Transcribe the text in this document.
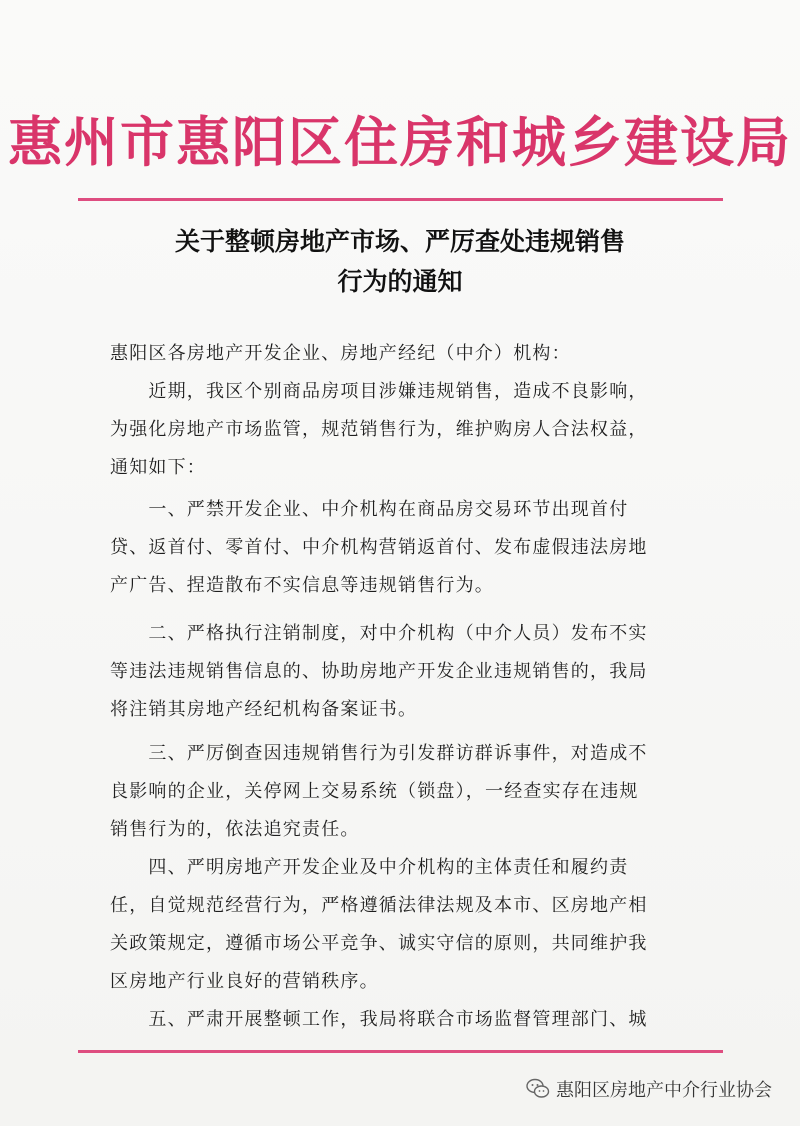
惠州市惠阳区住房和城乡建设局
关于整顿房地产市场、严厉查处违规销售
行为的通知
惠阳区各房地产开发企业、房地产经纪（中介）机构：
　　近期，我区个别商品房项目涉嫌违规销售，造成不良影响，
为强化房地产市场监管，规范销售行为，维护购房人合法权益，
通知如下：
　　一、严禁开发企业、中介机构在商品房交易环节出现首付
贷、返首付、零首付、中介机构营销返首付、发布虚假违法房地
产广告、捏造散布不实信息等违规销售行为。
　　二、严格执行注销制度，对中介机构（中介人员）发布不实
等违法违规销售信息的、协助房地产开发企业违规销售的，我局
将注销其房地产经纪机构备案证书。
　　三、严厉倒查因违规销售行为引发群访群诉事件，对造成不
良影响的企业，关停网上交易系统（锁盘），一经查实存在违规
销售行为的，依法追究责任。
　　四、严明房地产开发企业及中介机构的主体责任和履约责
任，自觉规范经营行为，严格遵循法律法规及本市、区房地产相
关政策规定，遵循市场公平竞争、诚实守信的原则，共同维护我
区房地产行业良好的营销秩序。
　　五、严肃开展整顿工作，我局将联合市场监督管理部门、城
惠阳区房地产中介行业协会
